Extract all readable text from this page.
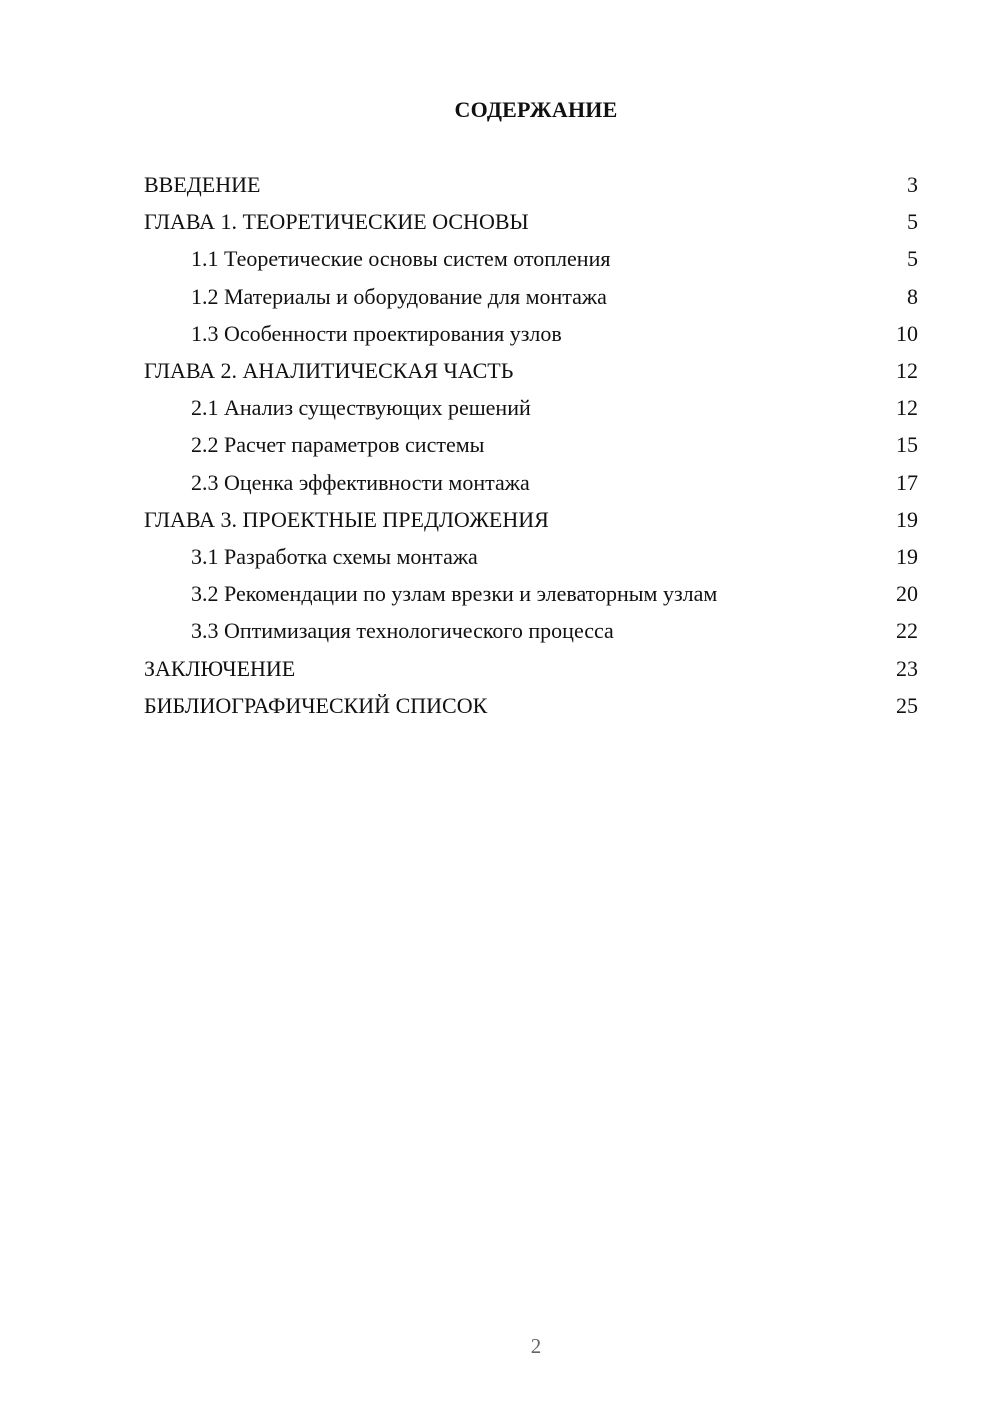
СОДЕРЖАНИЕ
ВВЕДЕНИЕ	3
ГЛАВА 1. ТЕОРЕТИЧЕСКИЕ ОСНОВЫ	5
1.1 Теоретические основы систем отопления	5
1.2 Материалы и оборудование для монтажа	8
1.3 Особенности проектирования узлов	10
ГЛАВА 2. АНАЛИТИЧЕСКАЯ ЧАСТЬ	12
2.1 Анализ существующих решений	12
2.2 Расчет параметров системы	15
2.3 Оценка эффективности монтажа	17
ГЛАВА 3. ПРОЕКТНЫЕ ПРЕДЛОЖЕНИЯ	19
3.1 Разработка схемы монтажа	19
3.2 Рекомендации по узлам врезки и элеваторным узлам	20
3.3 Оптимизация технологического процесса	22
ЗАКЛЮЧЕНИЕ	23
БИБЛИОГРАФИЧЕСКИЙ СПИСОК	25
2
